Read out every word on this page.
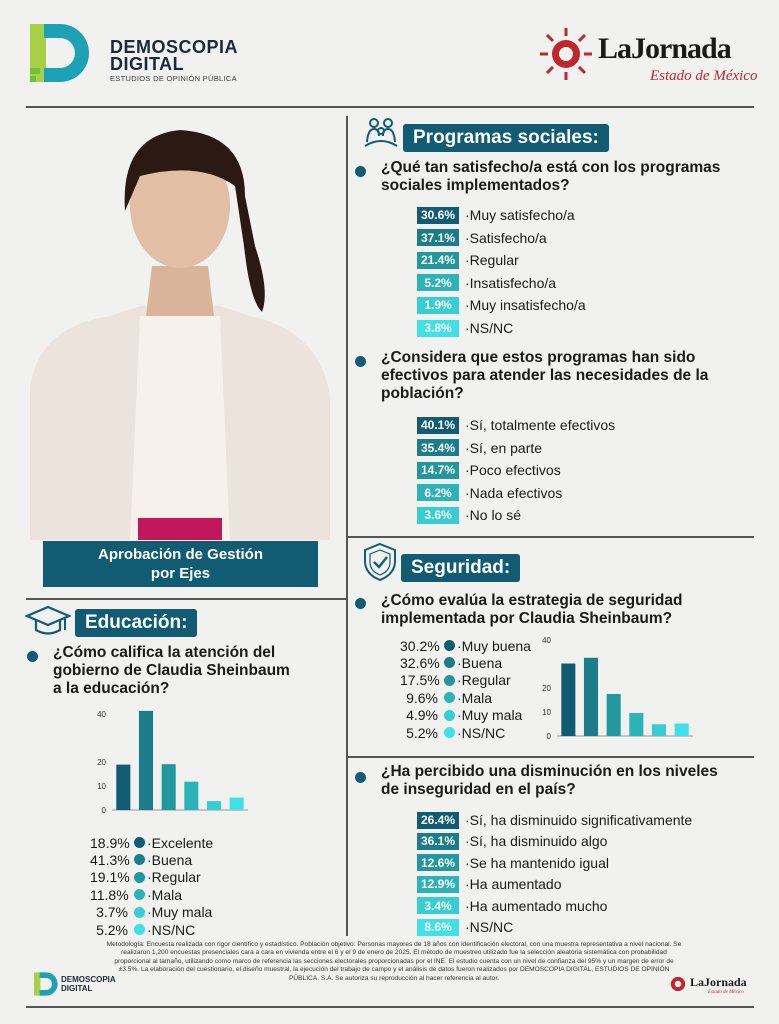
DEMOSCOPIA
DIGITAL
ESTUDIOS DE OPINIÓN PÚBLICA
LaJornada
Estado de México
Aprobación de Gestión
por Ejes
Programas sociales:
¿Qué tan satisfecho/a está con los programas
sociales implementados?
30.6% ·Muy satisfecho/a
37.1% ·Satisfecho/a
21.4% ·Regular
5.2% ·Insatisfecho/a
1.9% ·Muy insatisfecho/a
3.8% ·NS/NC
¿Considera que estos programas han sido
efectivos para atender las necesidades de la
población?
40.1% ·Sí, totalmente efectivos
35.4% ·Sí, en parte
14.7% ·Poco efectivos
6.2% ·Nada efectivos
3.6% ·No lo sé
Seguridad:
¿Cómo evalúa la estrategia de seguridad
implementada por Claudia Sheinbaum?
30.2% ·Muy buena
32.6% ·Buena
17.5% ·Regular
9.6% ·Mala
4.9% ·Muy mala
5.2% ·NS/NC	0
10
20
40
¿Ha percibido una disminución en los niveles
de inseguridad en el país?
26.4% ·Sí, ha disminuido significativamente
36.1% ·Sí, ha disminuido algo
12.6% ·Se ha mantenido igual
12.9% ·Ha aumentado
3.4% ·Ha aumentado mucho
8.6% ·NS/NC
Educación:
¿Cómo califica la atención del
gobierno de Claudia Sheinbaum
a la educación?
0
10
20
40
18.9% ·Excelente
41.3% ·Buena
19.1% ·Regular
11.8% ·Mala
3.7% ·Muy mala
5.2% ·NS/NC
Metodología: Encuesta realizada con rigor científico y estadístico. Población objetivo: Personas mayores de 18 años con identificación electoral, con una muestra representativa a nivel nacional. Se realizaron 1,200 encuestas presenciales cara a cara en vivienda entre el 6 y el 9 de enero de 2025. El método de muestreo utilizado fue la selección aleatoria sistemática con probabilidad proporcional al tamaño, utilizando como marco de referencia las secciones electorales proporcionadas por el INE. El estudio cuenta con un nivel de confianza del 95% y un margen de error de ±3.5%. La elaboración del cuestionario, el diseño muestral, la ejecución del trabajo de campo y el análisis de datos fueron realizados por DEMOSCOPIA DIGITAL, ESTUDIOS DE OPINIÓN PÚBLICA. S.A. Se autoriza su reproducción al hacer referencia al autor.
DEMOSCOPIA
DIGITAL	LaJornada
Estado de México
